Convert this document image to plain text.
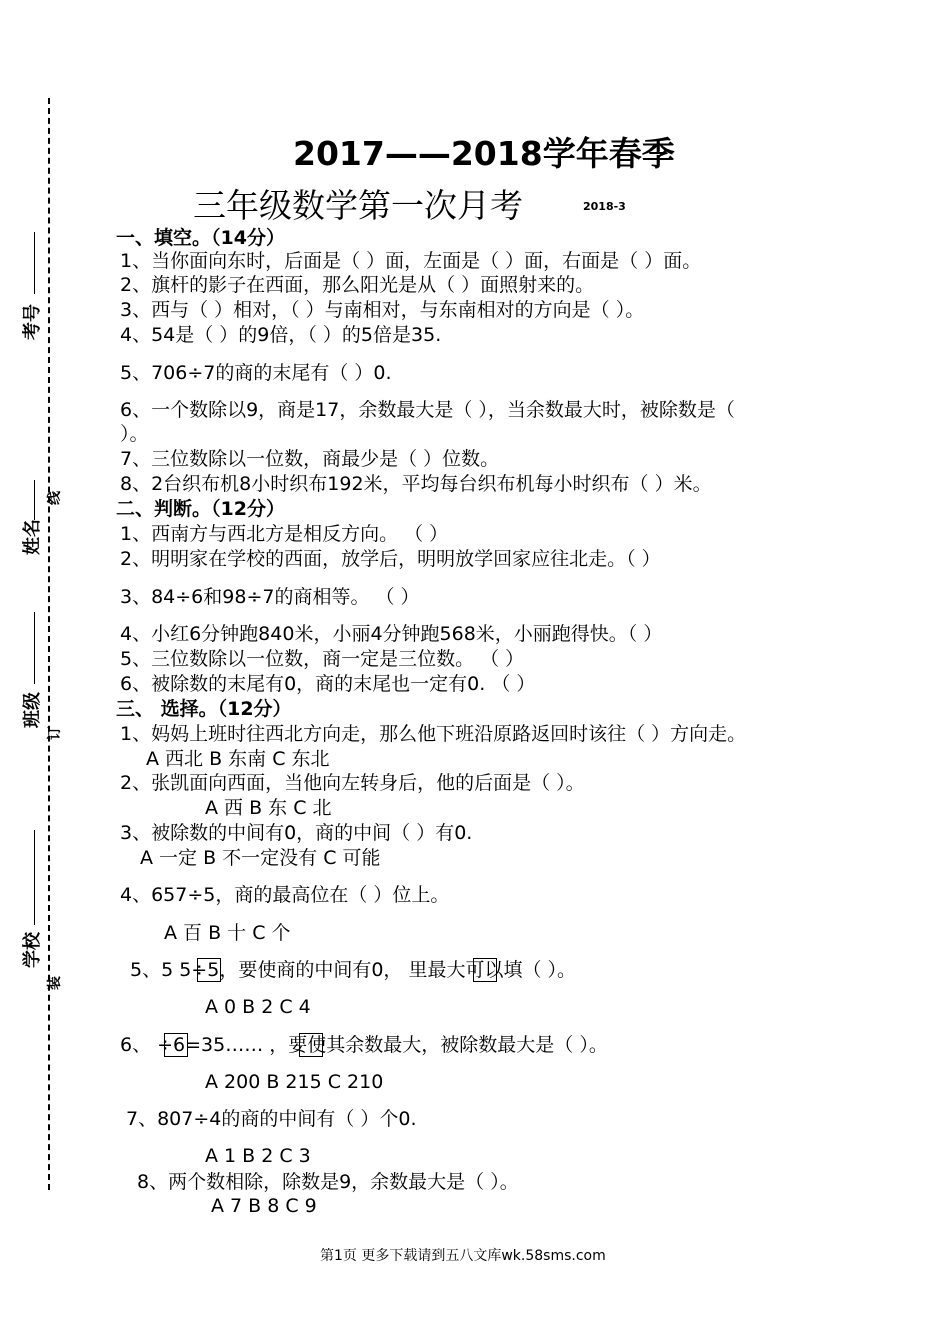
考号
姓名
班级
学校
线
订
装
2017——2018学年春季
三年级数学第一次月考	2018-3
一、填空。（14分）
1、当你面向东时，后面是（ ）面，左面是（ ）面，右面是（ ）面。
2、旗杆的影子在西面，那么阳光是从（ ）面照射来的。
3、西与（ ）相对，（ ）与南相对，与东南相对的方向是（ ）。
4、54是（ ）的9倍，（ ）的5倍是35.
5、706÷7的商的末尾有（ ）0.
6、一个数除以9，商是17，余数最大是（ ），当余数最大时，被除数是（
）。
7、三位数除以一位数，商最少是（ ）位数。
8、2台织布机8小时织布192米，平均每台织布机每小时织布（ ）米。
二、判断。（12分）
1、西南方与西北方是相反方向。 （ ）
2、明明家在学校的西面，放学后，明明放学回家应往北走。（ ）
3、84÷6和98÷7的商相等。 （ ）
4、小红6分钟跑840米，小丽4分钟跑568米，小丽跑得快。（ ）
5、三位数除以一位数，商一定是三位数。 （ ）
6、被除数的末尾有0，商的末尾也一定有0. （ ）
三、 选择。（12分）
1、妈妈上班时往西北方向走，那么他下班沿原路返回时该往（ ）方向走。
A 西北 B 东南 C 东北
2、张凯面向西面，当他向左转身后，他的后面是（ ）。
A 西 B 东 C 北
3、被除数的中间有0，商的中间（ ）有0.
A 一定 B 不一定没有 C 可能
4、657÷5，商的最高位在（ ）位上。
A 百 B 十 C 个
5、5 5÷5，要使商的中间有0， 里最大可以填（ ）。
A 0 B 2 C 4
6、 ÷6=35…… ，要使其余数最大，被除数最大是（ ）。
A 200 B 215 C 210
7、807÷4的商的中间有（ ）个0.
A 1 B 2 C 3
8、两个数相除，除数是9，余数最大是（ ）。
A 7 B 8 C 9
第1页 更多下载请到五八文库wk.58sms.com
